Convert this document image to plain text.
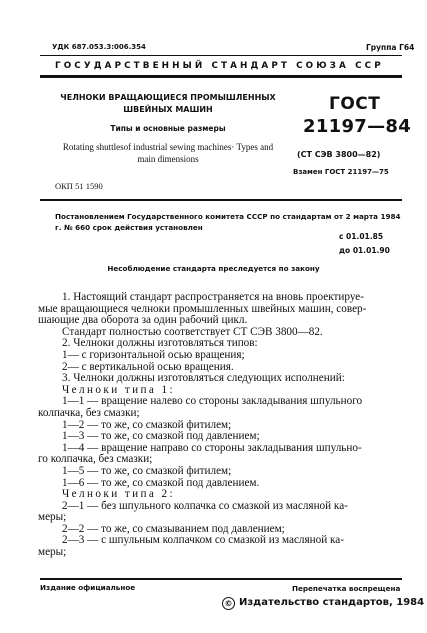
УДК 687.053.3:006.354	Группа Г64
ГОСУДАРСТВЕННЫЙ СТАНДАРТ СОЮЗА ССР
ЧЕЛНОКИ ВРАЩАЮЩИЕСЯ ПРОМЫШЛЕННЫХ ШВЕЙНЫХ МАШИН
Типы и основные размеры
Rotating shuttlesof industrial sewing machines· Types and main dimensions
ГОСТ
21197—84
(СТ СЭВ 3800—82)
Взамен ГОСТ 21197—75
ОКП 51 1590
Постановлением Государственного комитета СССР по стандартам от 2 марта 1984 г. № 660 срок действия установлен
с 01.01.85
до 01.01.90
Несоблюдение стандарта преследуется по закону
1. Настоящий стандарт распространяется на вновь проектируе-
мые вращающиеся челноки промышленных швейных машин, совер-
шающие два оборота за один рабочий цикл.
Стандарт полностью соответствует СТ СЭВ 3800—82.
2. Челноки должны изготовляться типов:
1— с горизонтальной осью вращения;
2— с вертикальной осью вращения.
3. Челноки должны изготовляться следующих исполнений:
Челноки типа 1:
1—1 — вращение налево со стороны закладывания шпульного
колпачка, без смазки;
1—2 — то же, со смазкой фитилем;
1—3 — то же, со смазкой под давлением;
1—4 — вращение направо со стороны закладывания шпульно-
го колпачка, без смазки;
1—5 — то же, со смазкой фитилем;
1—6 — то же, со смазкой под давлением.
Челноки типа 2:
2—1 — без шпульного колпачка со смазкой из масляной ка-
меры;
2—2 — то же, со смазыванием под давлением;
2—3 — с шпульным колпачком со смазкой из масляной ка-
меры;
Издание официальное	Перепечатка воспрещена
© Издательство стандартов, 1984
